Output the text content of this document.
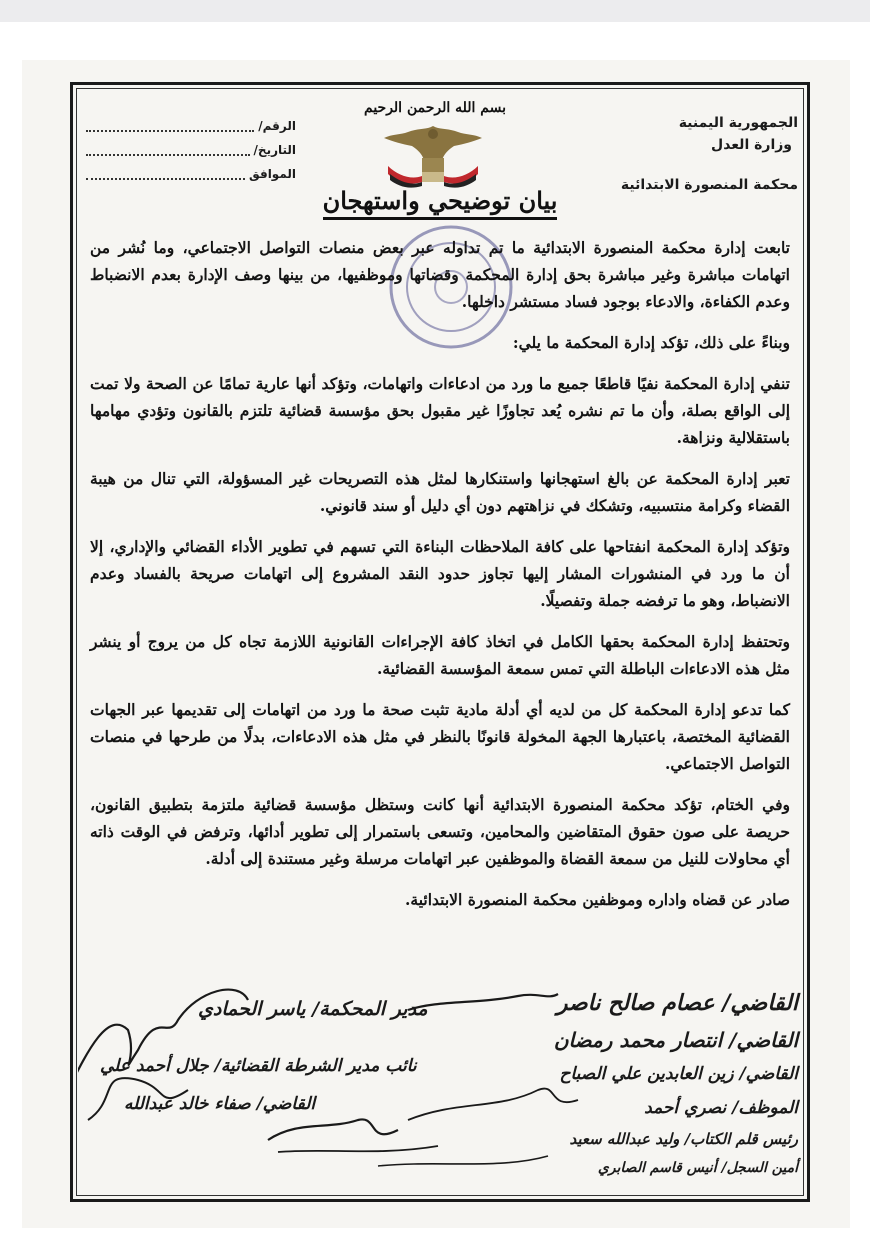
الجمهورية اليمنية
وزارة العدل
محكمة المنصورة الابتدائية
بسم الله الرحمن الرحيم
الرقم/
التاريخ/
الموافق
بيان توضيحي واستهجان

تابعت إدارة محكمة المنصورة الابتدائية ما تم تداوله عبر بعض منصات التواصل الاجتماعي، وما نُشر من اتهامات مباشرة وغير مباشرة بحق إدارة المحكمة وقضاتها وموظفيها، من بينها وصف الإدارة بعدم الانضباط وعدم الكفاءة، والادعاء بوجود فساد مستشر داخلها.

وبناءً على ذلك، تؤكد إدارة المحكمة ما يلي:

تنفي إدارة المحكمة نفيًا قاطعًا جميع ما ورد من ادعاءات واتهامات، وتؤكد أنها عارية تمامًا عن الصحة ولا تمت إلى الواقع بصلة، وأن ما تم نشره يُعد تجاوزًا غير مقبول بحق مؤسسة قضائية تلتزم بالقانون وتؤدي مهامها باستقلالية ونزاهة.

تعبر إدارة المحكمة عن بالغ استهجانها واستنكارها لمثل هذه التصريحات غير المسؤولة، التي تنال من هيبة القضاء وكرامة منتسبيه، وتشكك في نزاهتهم دون أي دليل أو سند قانوني.

وتؤكد إدارة المحكمة انفتاحها على كافة الملاحظات البناءة التي تسهم في تطوير الأداء القضائي والإداري، إلا أن ما ورد في المنشورات المشار إليها تجاوز حدود النقد المشروع إلى اتهامات صريحة بالفساد وعدم الانضباط، وهو ما ترفضه جملة وتفصيلًا.

وتحتفظ إدارة المحكمة بحقها الكامل في اتخاذ كافة الإجراءات القانونية اللازمة تجاه كل من يروج أو ينشر مثل هذه الادعاءات الباطلة التي تمس سمعة المؤسسة القضائية.

كما تدعو إدارة المحكمة كل من لديه أي أدلة مادية تثبت صحة ما ورد من اتهامات إلى تقديمها عبر الجهات القضائية المختصة، باعتبارها الجهة المخولة قانونًا بالنظر في مثل هذه الادعاءات، بدلًا من طرحها في منصات التواصل الاجتماعي.

وفي الختام، تؤكد محكمة المنصورة الابتدائية أنها كانت وستظل مؤسسة قضائية ملتزمة بتطبيق القانون، حريصة على صون حقوق المتقاضين والمحامين، وتسعى باستمرار إلى تطوير أدائها، وترفض في الوقت ذاته أي محاولات للنيل من سمعة القضاة والموظفين عبر اتهامات مرسلة وغير مستندة إلى أدلة.

صادر عن قضاه واداره وموظفين محكمة المنصورة الابتدائية.

القاضي/ عصام صالح ناصر
القاضي/ انتصار محمد رمضان
القاضي/ زين العابدين علي الصباح
الموظف/ نصري أحمد
رئيس قلم الكتاب/ وليد عبدالله سعيد
أمين السجل/ أنيس قاسم الصابري
مدير المحكمة/ ياسر الحمادي
نائب مدير الشرطة القضائية/ جلال أحمد علي
القاضي/ صفاء خالد عبدالله
